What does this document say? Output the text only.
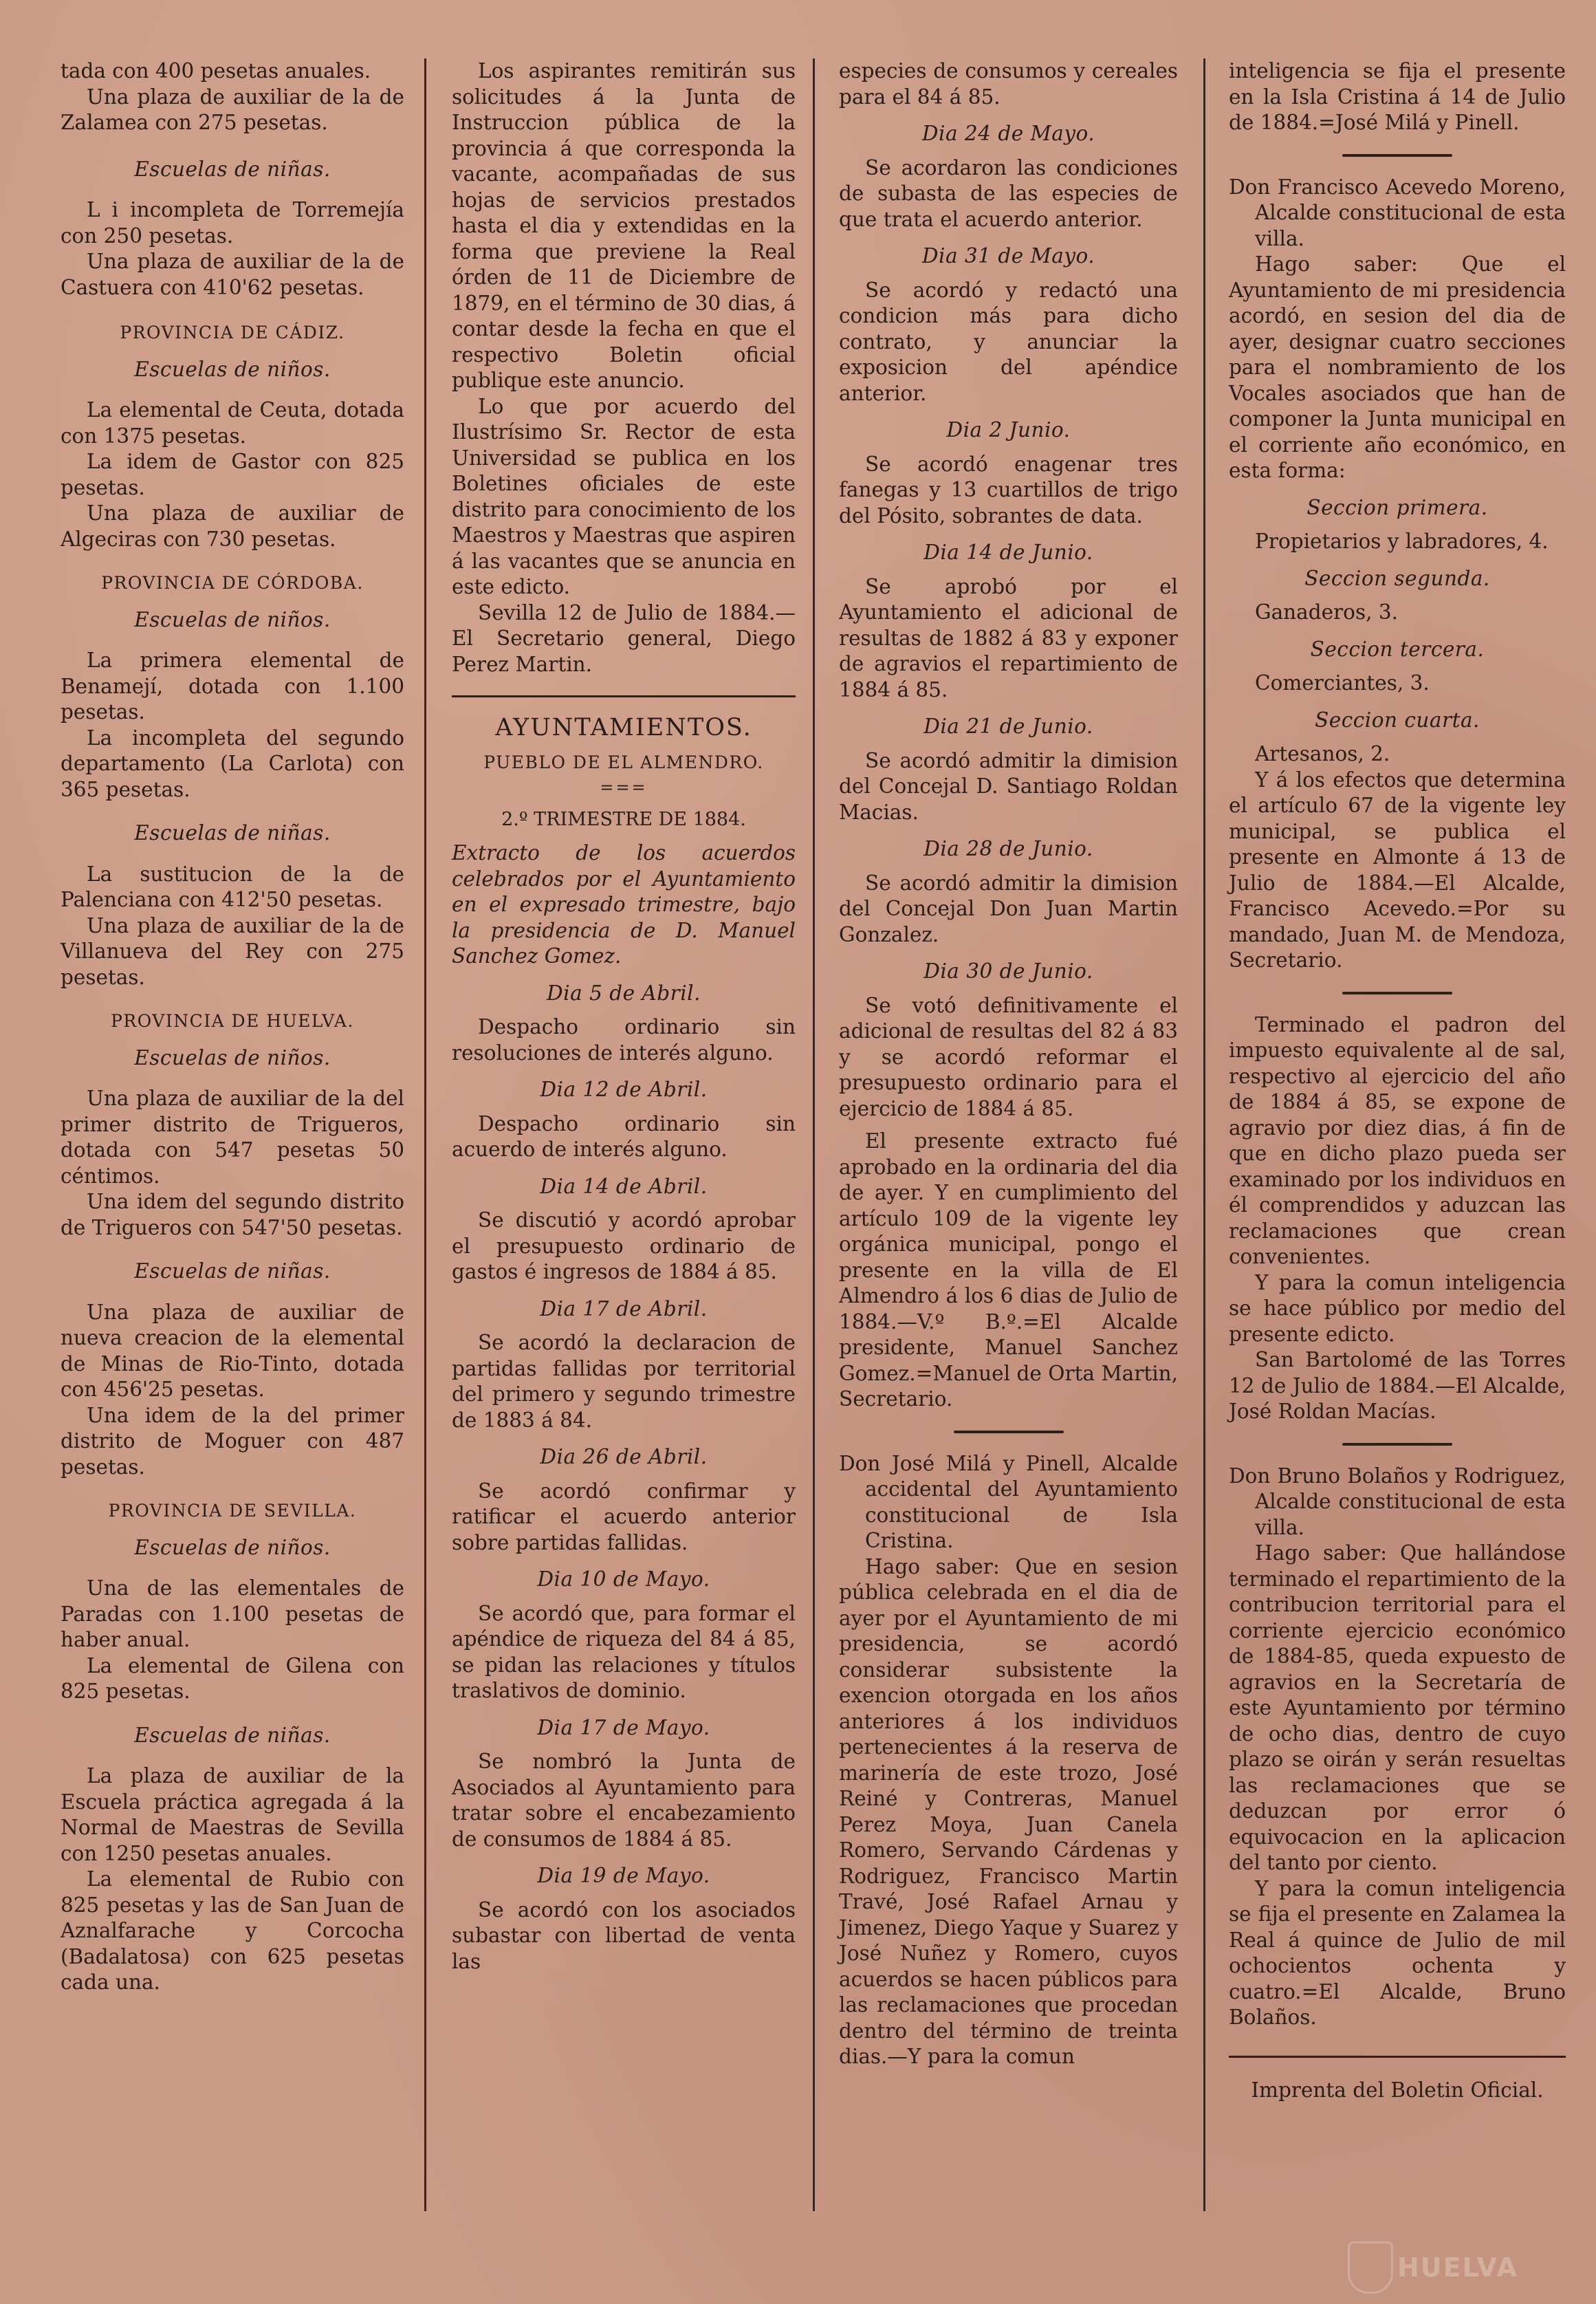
tada con 400 pesetas anuales.

Una plaza de auxiliar de la de Zalamea con 275 pesetas.

Escuelas de niñas.

L i incompleta de Torremejía con 250 pesetas.

Una plaza de auxiliar de la de Castuera con 410'62 pesetas.

PROVINCIA DE CÁDIZ.

Escuelas de niños.

La elemental de Ceuta, dotada con 1375 pesetas.

La idem de Gastor con 825 pesetas.

Una plaza de auxiliar de Algeciras con 730 pesetas.

PROVINCIA DE CÓRDOBA.

Escuelas de niños.

La primera elemental de Benamejí, dotada con 1.100 pesetas.

La incompleta del segundo departamento (La Carlota) con 365 pesetas.

Escuelas de niñas.

La sustitucion de la de Palenciana con 412'50 pesetas.

Una plaza de auxiliar de la de Villanueva del Rey con 275 pesetas.

PROVINCIA DE HUELVA.

Escuelas de niños.

Una plaza de auxiliar de la del primer distrito de Trigueros, dotada con 547 pesetas 50 céntimos.

Una idem del segundo distrito de Trigueros con 547'50 pesetas.

Escuelas de niñas.

Una plaza de auxiliar de nueva creacion de la elemental de Minas de Rio-Tinto, dotada con 456'25 pesetas.

Una idem de la del primer distrito de Moguer con 487 pesetas.

PROVINCIA DE SEVILLA.

Escuelas de niños.

Una de las elementales de Paradas con 1.100 pesetas de haber anual.

La elemental de Gilena con 825 pesetas.

Escuelas de niñas.

La plaza de auxiliar de la Escuela práctica agregada á la Normal de Maestras de Sevilla con 1250 pesetas anuales.

La elemental de Rubio con 825 pesetas y las de San Juan de Aznalfarache y Corcocha (Badalatosa) con 625 pesetas cada una.

Los aspirantes remitirán sus solicitudes á la Junta de Instruccion pública de la provincia á que corresponda la vacante, acompañadas de sus hojas de servicios prestados hasta el dia y extendidas en la forma que previene la Real órden de 11 de Diciembre de 1879, en el término de 30 dias, á contar desde la fecha en que el respectivo Boletin oficial publique este anuncio.

Lo que por acuerdo del Ilustrísimo Sr. Rector de esta Universidad se publica en los Boletines oficiales de este distrito para conocimiento de los Maestros y Maestras que aspiren á las vacantes que se anuncia en este edicto.

Sevilla 12 de Julio de 1884.—El Secretario general, Diego Perez Martin.

AYUNTAMIENTOS.

PUEBLO DE EL ALMENDRO.

===

2.º TRIMESTRE DE 1884.

Extracto de los acuerdos celebrados por el Ayuntamiento en el expresado trimestre, bajo la presidencia de D. Manuel Sanchez Gomez.

Dia 5 de Abril.

Despacho ordinario sin resoluciones de interés alguno.

Dia 12 de Abril.

Despacho ordinario sin acuerdo de interés alguno.

Dia 14 de Abril.

Se discutió y acordó aprobar el presupuesto ordinario de gastos é ingresos de 1884 á 85.

Dia 17 de Abril.

Se acordó la declaracion de partidas fallidas por territorial del primero y segundo trimestre de 1883 á 84.

Dia 26 de Abril.

Se acordó confirmar y ratificar el acuerdo anterior sobre partidas fallidas.

Dia 10 de Mayo.

Se acordó que, para formar el apéndice de riqueza del 84 á 85, se pidan las relaciones y títulos traslativos de dominio.

Dia 17 de Mayo.

Se nombró la Junta de Asociados al Ayuntamiento para tratar sobre el encabezamiento de consumos de 1884 á 85.

Dia 19 de Mayo.

Se acordó con los asociados subastar con libertad de venta las

especies de consumos y cereales para el 84 á 85.

Dia 24 de Mayo.

Se acordaron las condiciones de subasta de las especies de que trata el acuerdo anterior.

Dia 31 de Mayo.

Se acordó y redactó una condicion más para dicho contrato, y anunciar la exposicion del apéndice anterior.

Dia 2 Junio.

Se acordó enagenar tres fanegas y 13 cuartillos de trigo del Pósito, sobrantes de data.

Dia 14 de Junio.

Se aprobó por el Ayuntamiento el adicional de resultas de 1882 á 83 y exponer de agravios el repartimiento de 1884 á 85.

Dia 21 de Junio.

Se acordó admitir la dimision del Concejal D. Santiago Roldan Macias.

Dia 28 de Junio.

Se acordó admitir la dimision del Concejal Don Juan Martin Gonzalez.

Dia 30 de Junio.

Se votó definitivamente el adicional de resultas del 82 á 83 y se acordó reformar el presupuesto ordinario para el ejercicio de 1884 á 85.

El presente extracto fué aprobado en la ordinaria del dia de ayer. Y en cumplimiento del artículo 109 de la vigente ley orgánica municipal, pongo el presente en la villa de El Almendro á los 6 dias de Julio de 1884.—V.º B.º.=El Alcalde presidente, Manuel Sanchez Gomez.=Manuel de Orta Martin, Secretario.

Don José Milá y Pinell, Alcalde accidental del Ayuntamiento constitucional de Isla Cristina.

Hago saber: Que en sesion pública celebrada en el dia de ayer por el Ayuntamiento de mi presidencia, se acordó considerar subsistente la exencion otorgada en los años anteriores á los individuos pertenecientes á la reserva de marinería de este trozo, José Reiné y Contreras, Manuel Perez Moya, Juan Canela Romero, Servando Cárdenas y Rodriguez, Francisco Martin Travé, José Rafael Arnau y Jimenez, Diego Yaque y Suarez y José Nuñez y Romero, cuyos acuerdos se hacen públicos para las reclamaciones que procedan dentro del término de treinta dias.—Y para la comun

inteligencia se fija el presente en la Isla Cristina á 14 de Julio de 1884.=José Milá y Pinell.

Don Francisco Acevedo Moreno, Alcalde constitucional de esta villa.

Hago saber: Que el Ayuntamiento de mi presidencia acordó, en sesion del dia de ayer, designar cuatro secciones para el nombramiento de los Vocales asociados que han de componer la Junta municipal en el corriente año económico, en esta forma:

Seccion primera.

Propietarios y labradores, 4.

Seccion segunda.

Ganaderos, 3.

Seccion tercera.

Comerciantes, 3.

Seccion cuarta.

Artesanos, 2.

Y á los efectos que determina el artículo 67 de la vigente ley municipal, se publica el presente en Almonte á 13 de Julio de 1884.—El Alcalde, Francisco Acevedo.=Por su mandado, Juan M. de Mendoza, Secretario.

Terminado el padron del impuesto equivalente al de sal, respectivo al ejercicio del año de 1884 á 85, se expone de agravio por diez dias, á fin de que en dicho plazo pueda ser examinado por los individuos en él comprendidos y aduzcan las reclamaciones que crean convenientes.

Y para la comun inteligencia se hace público por medio del presente edicto.

San Bartolomé de las Torres 12 de Julio de 1884.—El Alcalde, José Roldan Macías.

Don Bruno Bolaños y Rodriguez, Alcalde constitucional de esta villa.

Hago saber: Que hallándose terminado el repartimiento de la contribucion territorial para el corriente ejercicio económico de 1884-85, queda expuesto de agravios en la Secretaría de este Ayuntamiento por término de ocho dias, dentro de cuyo plazo se oirán y serán resueltas las reclamaciones que se deduzcan por error ó equivocacion en la aplicacion del tanto por ciento.

Y para la comun inteligencia se fija el presente en Zalamea la Real á quince de Julio de mil ochocientos ochenta y cuatro.=El Alcalde, Bruno Bolaños.

Imprenta del Boletin Oficial.

HUELVA
